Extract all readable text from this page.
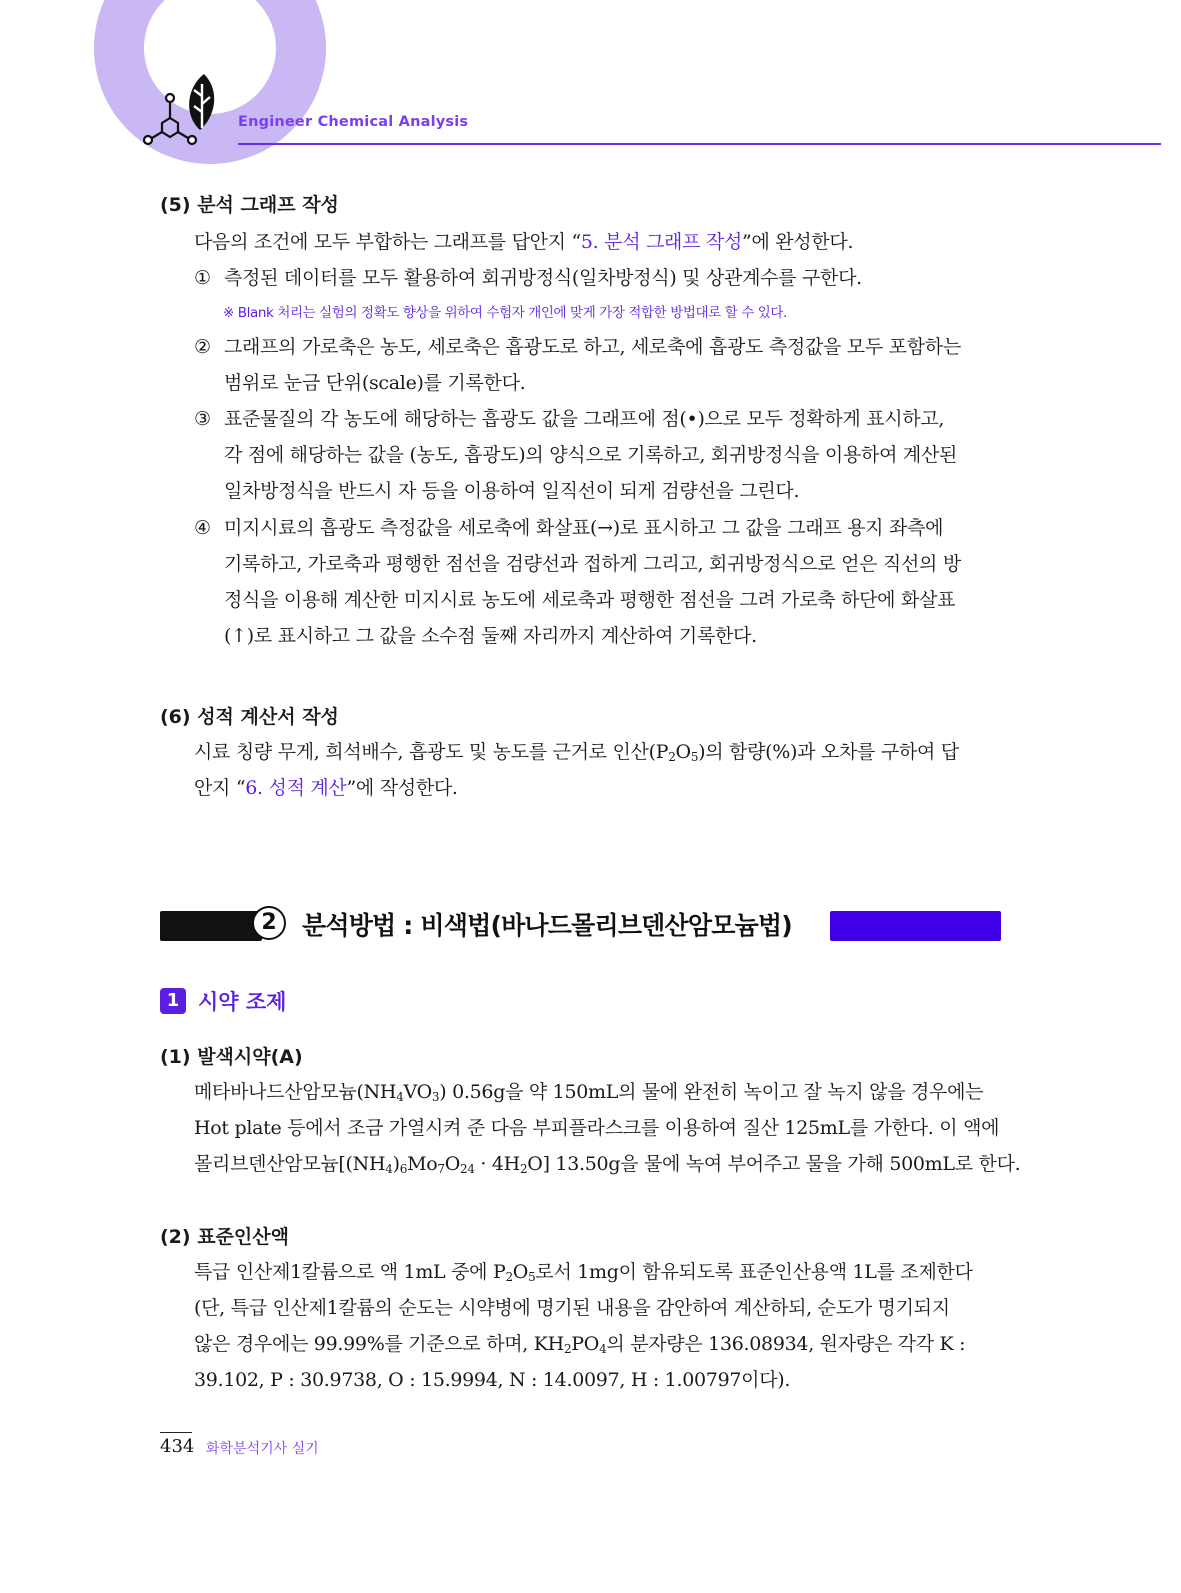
Engineer Chemical Analysis
(5) 분석 그래프 작성
다음의 조건에 모두 부합하는 그래프를 답안지 “5. 분석 그래프 작성”에 완성한다.
① 측정된 데이터를 모두 활용하여 회귀방정식(일차방정식) 및 상관계수를 구한다.
※ Blank 처리는 실험의 정확도 향상을 위하여 수험자 개인에 맞게 가장 적합한 방법대로 할 수 있다.
② 그래프의 가로축은 농도, 세로축은 흡광도로 하고, 세로축에 흡광도 측정값을 모두 포함하는
범위로 눈금 단위(scale)를 기록한다.
③ 표준물질의 각 농도에 해당하는 흡광도 값을 그래프에 점(•)으로 모두 정확하게 표시하고,
각 점에 해당하는 값을 (농도, 흡광도)의 양식으로 기록하고, 회귀방정식을 이용하여 계산된
일차방정식을 반드시 자 등을 이용하여 일직선이 되게 검량선을 그린다.
④ 미지시료의 흡광도 측정값을 세로축에 화살표(→)로 표시하고 그 값을 그래프 용지 좌측에
기록하고, 가로축과 평행한 점선을 검량선과 접하게 그리고, 회귀방정식으로 얻은 직선의 방
정식을 이용해 계산한 미지시료 농도에 세로축과 평행한 점선을 그려 가로축 하단에 화살표
(↑)로 표시하고 그 값을 소수점 둘째 자리까지 계산하여 기록한다.
(6) 성적 계산서 작성
시료 칭량 무게, 희석배수, 흡광도 및 농도를 근거로 인산$(P_2O_5)$의 함량(%)과 오차를 구하여 답
안지 “6. 성적 계산”에 작성한다.
2	분석방법 : 비색법(바나드몰리브덴산암모늄법)
1 시약 조제
(1) 발색시약(A)
메타바나드산암모늄$(NH_4VO_3)$ 0.56g을 약 150mL의 물에 완전히 녹이고 잘 녹지 않을 경우에는
Hot plate 등에서 조금 가열시켜 준 다음 부피플라스크를 이용하여 질산 125mL를 가한다. 이 액에
몰리브덴산암모늄$[(NH_4)_6Mo_7O_{24} \cdot 4H_2O]$ 13.50g을 물에 녹여 부어주고 물을 가해 500mL로 한다.
(2) 표준인산액
특급 인산제1칼륨으로 액 1mL 중에 $P_2O_5$로서 1mg이 함유되도록 표준인산용액 1L를 조제한다
(단, 특급 인산제1칼륨의 순도는 시약병에 명기된 내용을 감안하여 계산하되, 순도가 명기되지
않은 경우에는 99.99%를 기준으로 하며, $KH_2PO_4$의 분자량은 136.08934, 원자량은 각각 K :
39.102, P : 30.9738, O : 15.9994, N : 14.0097, H : 1.00797이다).
434 화학분석기사 실기
